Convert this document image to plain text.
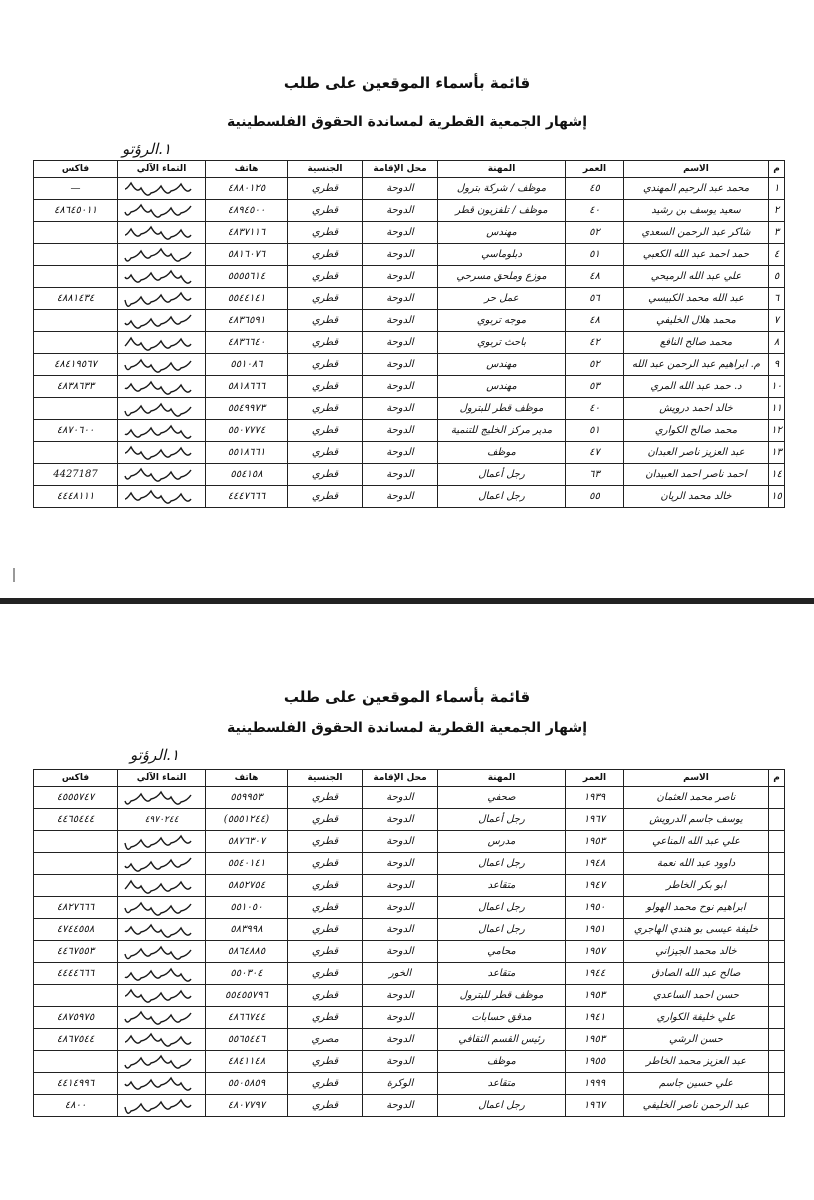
قائمة بأسماء الموقعين على طلب
إشهار الجمعية القطرية لمساندة الحقوق الفلسطينية
١.الرؤتو
م	الاسم	العمر	المهنة	محل الإقامة	الجنسية	هاتف	التماء الآلي	فاكس
١	محمد عبد الرحيم المهندي	٤٥	موظف / شركة بترول	الدوحة	قطري	٤٨٨٠١٢٥		—
٢	سعيد يوسف بن رشيد	٤٠	موظف / تلفزيون قطر	الدوحة	قطري	٤٨٩٤٥٠٠		٤٨٦٤٥٠١١
٣	شاكر عبد الرحمن السعدي	٥٢	مهندس	الدوحة	قطري	٤٨٣٧١١٦	

٤	حمد احمد عبد الله الكعبي	٥١	دبلوماسي	الدوحة	قطري	٥٨١٦٠٧٦	

٥	علي عبد الله الرميحي	٤٨	موزع وملحق مسرحي	الدوحة	قطري	٥٥٥٥٦١٤	

٦	عبد الله محمد الكبيسي	٥٦	عمل حر	الدوحة	قطري	٥٥٤٤١٤١		٤٨٨١٤٣٤
٧	محمد هلال الخليفي	٤٨	موجه تربوي	الدوحة	قطري	٤٨٣٦٥٩١	

٨	محمد صالح النافع	٤٢	باحث تربوي	الدوحة	قطري	٤٨٣٦٦٤٠	

٩	م. ابراهيم عبد الرحمن عبد الله	٥٢	مهندس	الدوحة	قطري	٥٥١٠٨٦		٤٨٤١٩٥٦٧
١٠	د. حمد عبد الله المري	٥٣	مهندس	الدوحة	قطري	٥٨١٨٦٦٦		٤٨٣٨٦٣٣
١١	خالد احمد درويش	٤٠	موظف قطر للبترول	الدوحة	قطري	٥٥٤٩٩٧٣	

١٢	محمد صالح الكواري	٥١	مدير مركز الخليج للتنمية	الدوحة	قطري	٥٥٠٧٧٧٤		٤٨٧٠٦٠٠
١٣	عبد العزيز ناصر العبدان	٤٧	موظف	الدوحة	قطري	٥٥١٨٦٦١	

١٤	احمد ناصر احمد العبيدان	٦٣	رجل أعمال	الدوحة	قطري	٥٥٤١٥٨		4427187
١٥	خالد محمد الريان	٥٥	رجل اعمال	الدوحة	قطري	٤٤٤٧٦٦٦		٤٤٤٨١١١
قائمة بأسماء الموقعين على طلب
إشهار الجمعية القطرية لمساندة الحقوق الفلسطينية
١.الرؤتو
م	الاسم	العمر	المهنة	محل الإقامة	الجنسية	هاتف	التماء الآلي	فاكس
	ناصر محمد العثمان	١٩٣٩	صحفي	الدوحة	قطري	٥٥٩٩٥٣		٤٥٥٥٧٤٧
	يوسف جاسم الدرويش	١٩٦٧	رجل أعمال	الدوحة	قطري	(٥٥٥١٢٤٤)	٤٩٧٠٢٤٤	٤٤٦٥٤٤٤
	علي عبد الله المناعي	١٩٥٣	مدرس	الدوحة	قطري	٥٨٧٦٣٠٧	

	داوود عبد الله نعمة	١٩٤٨	رجل اعمال	الدوحة	قطري	٥٥٤٠١٤١	

	ابو بكر الخاطر	١٩٤٧	متقاعد	الدوحة	قطري	٥٨٥٢٧٥٤	

	ابراهيم نوح محمد الهولو	١٩٥٠	رجل اعمال	الدوحة	قطري	٥٥١٠٥٠		٤٨٢٧٦٦٦
	خليفة عيسى بو هندي الهاجري	١٩٥١	رجل اعمال	الدوحة	قطري	٥٨٣٩٩٨		٤٧٤٤٥٥٨
	خالد محمد الجيزاني	١٩٥٧	محامي	الدوحة	قطري	٥٨٦٤٨٨٥		٤٤٦٧٥٥٣
	صالح عبد الله الصادق	١٩٤٤	متقاعد	الخور	قطري	٥٥٠٣٠٤		٤٤٤٤٦٦٦
	حسن احمد الساعدي	١٩٥٣	موظف قطر للبترول	الدوحة	قطري	٥٥٤٥٥٧٩٦	

	علي خليفة الكواري	١٩٤١	مدقق حسابات	الدوحة	قطري	٤٨٦٦٧٤٤		٤٨٧٥٩٧٥
	حسن الرشي	١٩٥٣	رئيس القسم الثقافي	الدوحة	مصري	٥٥٦٥٤٤٦		٤٨٦٧٥٤٤
	عبد العزيز محمد الخاطر	١٩٥٥	موظف	الدوحة	قطري	٤٨٤١١٤٨	

	علي حسين جاسم	١٩٩٩	متقاعد	الوكرة	قطري	٥٥٠٥٨٥٩		٤٤١٤٩٩٦
	عبد الرحمن ناصر الخليفي	١٩٦٧	رجل اعمال	الدوحة	قطري	٤٨٠٧٧٩٧		٤٨٠٠
